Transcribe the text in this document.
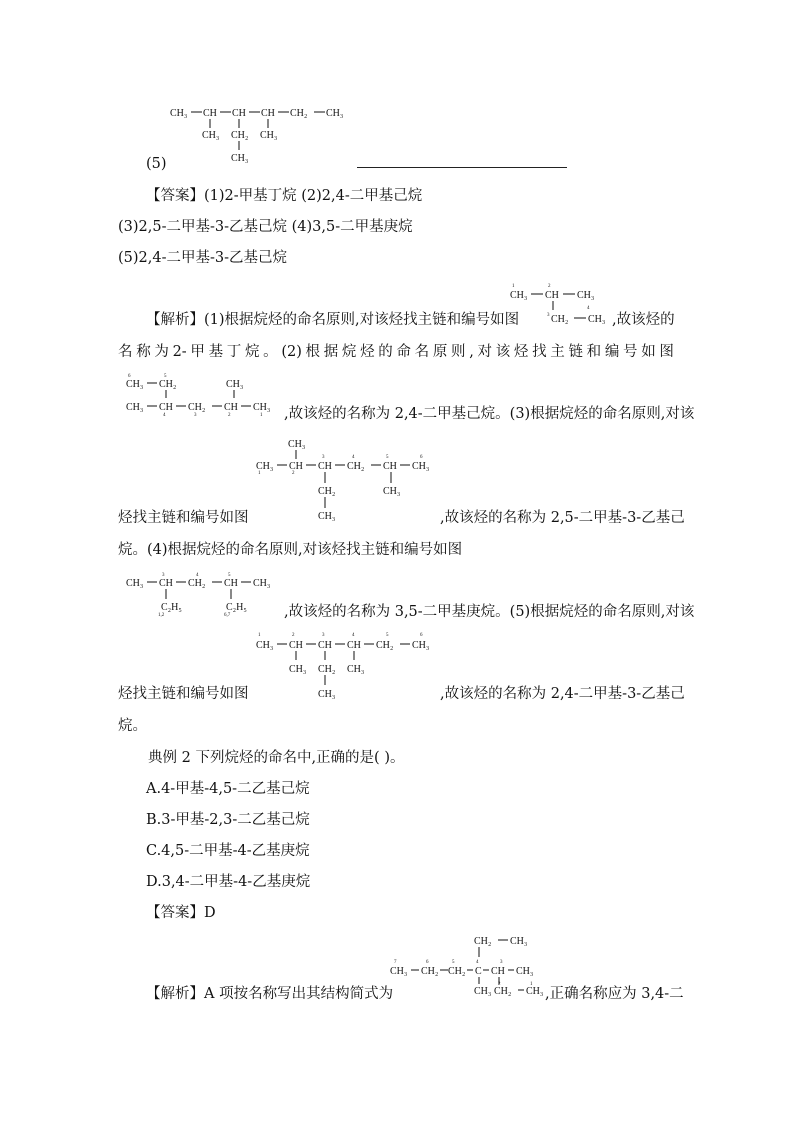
CH₃ CH CH CH CH₂ CH₃
CH₃ CH₂
CH₃
CH₃
(5)
【答案】(1)2-甲基丁烷 (2)2,4-二甲基己烷
(3)2,5-二甲基-3-乙基己烷 (4)3,5-二甲基庚烷
(5)2,4-二甲基-3-乙基己烷
1	2
3
4
CH₃ CH CH₃
CH₂ CH₃
【解析】(1)根据烷烃的命名原则,对该烃找主链和编号如图	,故该烃的
名 称 为 2- 甲 基 丁 烷 。 (2) 根 据 烷 烃 的 命 名 原 则 , 对 该 烃 找 主 链 和 编 号 如 图
6	5
4	3	2	1
CH₃ CH₂	CH₃
CH₃ CH CH₂ CH CH₃ ,故该烃的名称为 2,4-二甲基己烷。(3)根据烷烃的命名原则,对该
1	2
3	4	5	6
CH₃
CH₃ CH CH CH₂ CH CH₃
CH₂
CH₃
CH₃
烃找主链和编号如图	,故该烃的名称为 2,5-二甲基-3-乙基己
烷。(4)根据烷烃的命名原则,对该烃找主链和编号如图
3	4	5
1,2	6,7
CH₃ CH CH₂ CH CH₃
C₂H₅	C₂H₅	,故该烃的名称为 3,5-二甲基庚烷。(5)根据烷烃的命名原则,对该
1	2	3	4	5	6
CH₃ CH CH CH CH₂ CH₃
CH₃ CH₂
CH₃
CH₃
烃找主链和编号如图	,故该烃的名称为 2,4-二甲基-3-乙基己
烷。
典例 2 下列烷烃的命名中,正确的是( )。
A.4-甲基-4,5-二乙基己烷
B.3-甲基-2,3-二乙基己烷
C.4,5-二甲基-4-乙基庚烷
D.3,4-二甲基-4-乙基庚烷
【答案】D
7	6	5	4	3
2	1
CH₂ CH₃
CH₃ CH₂ CH₂ C CH CH₃
CH₃ CH₂ CH₃
【解析】A 项按名称写出其结构简式为	,正确名称应为 3,4-二
